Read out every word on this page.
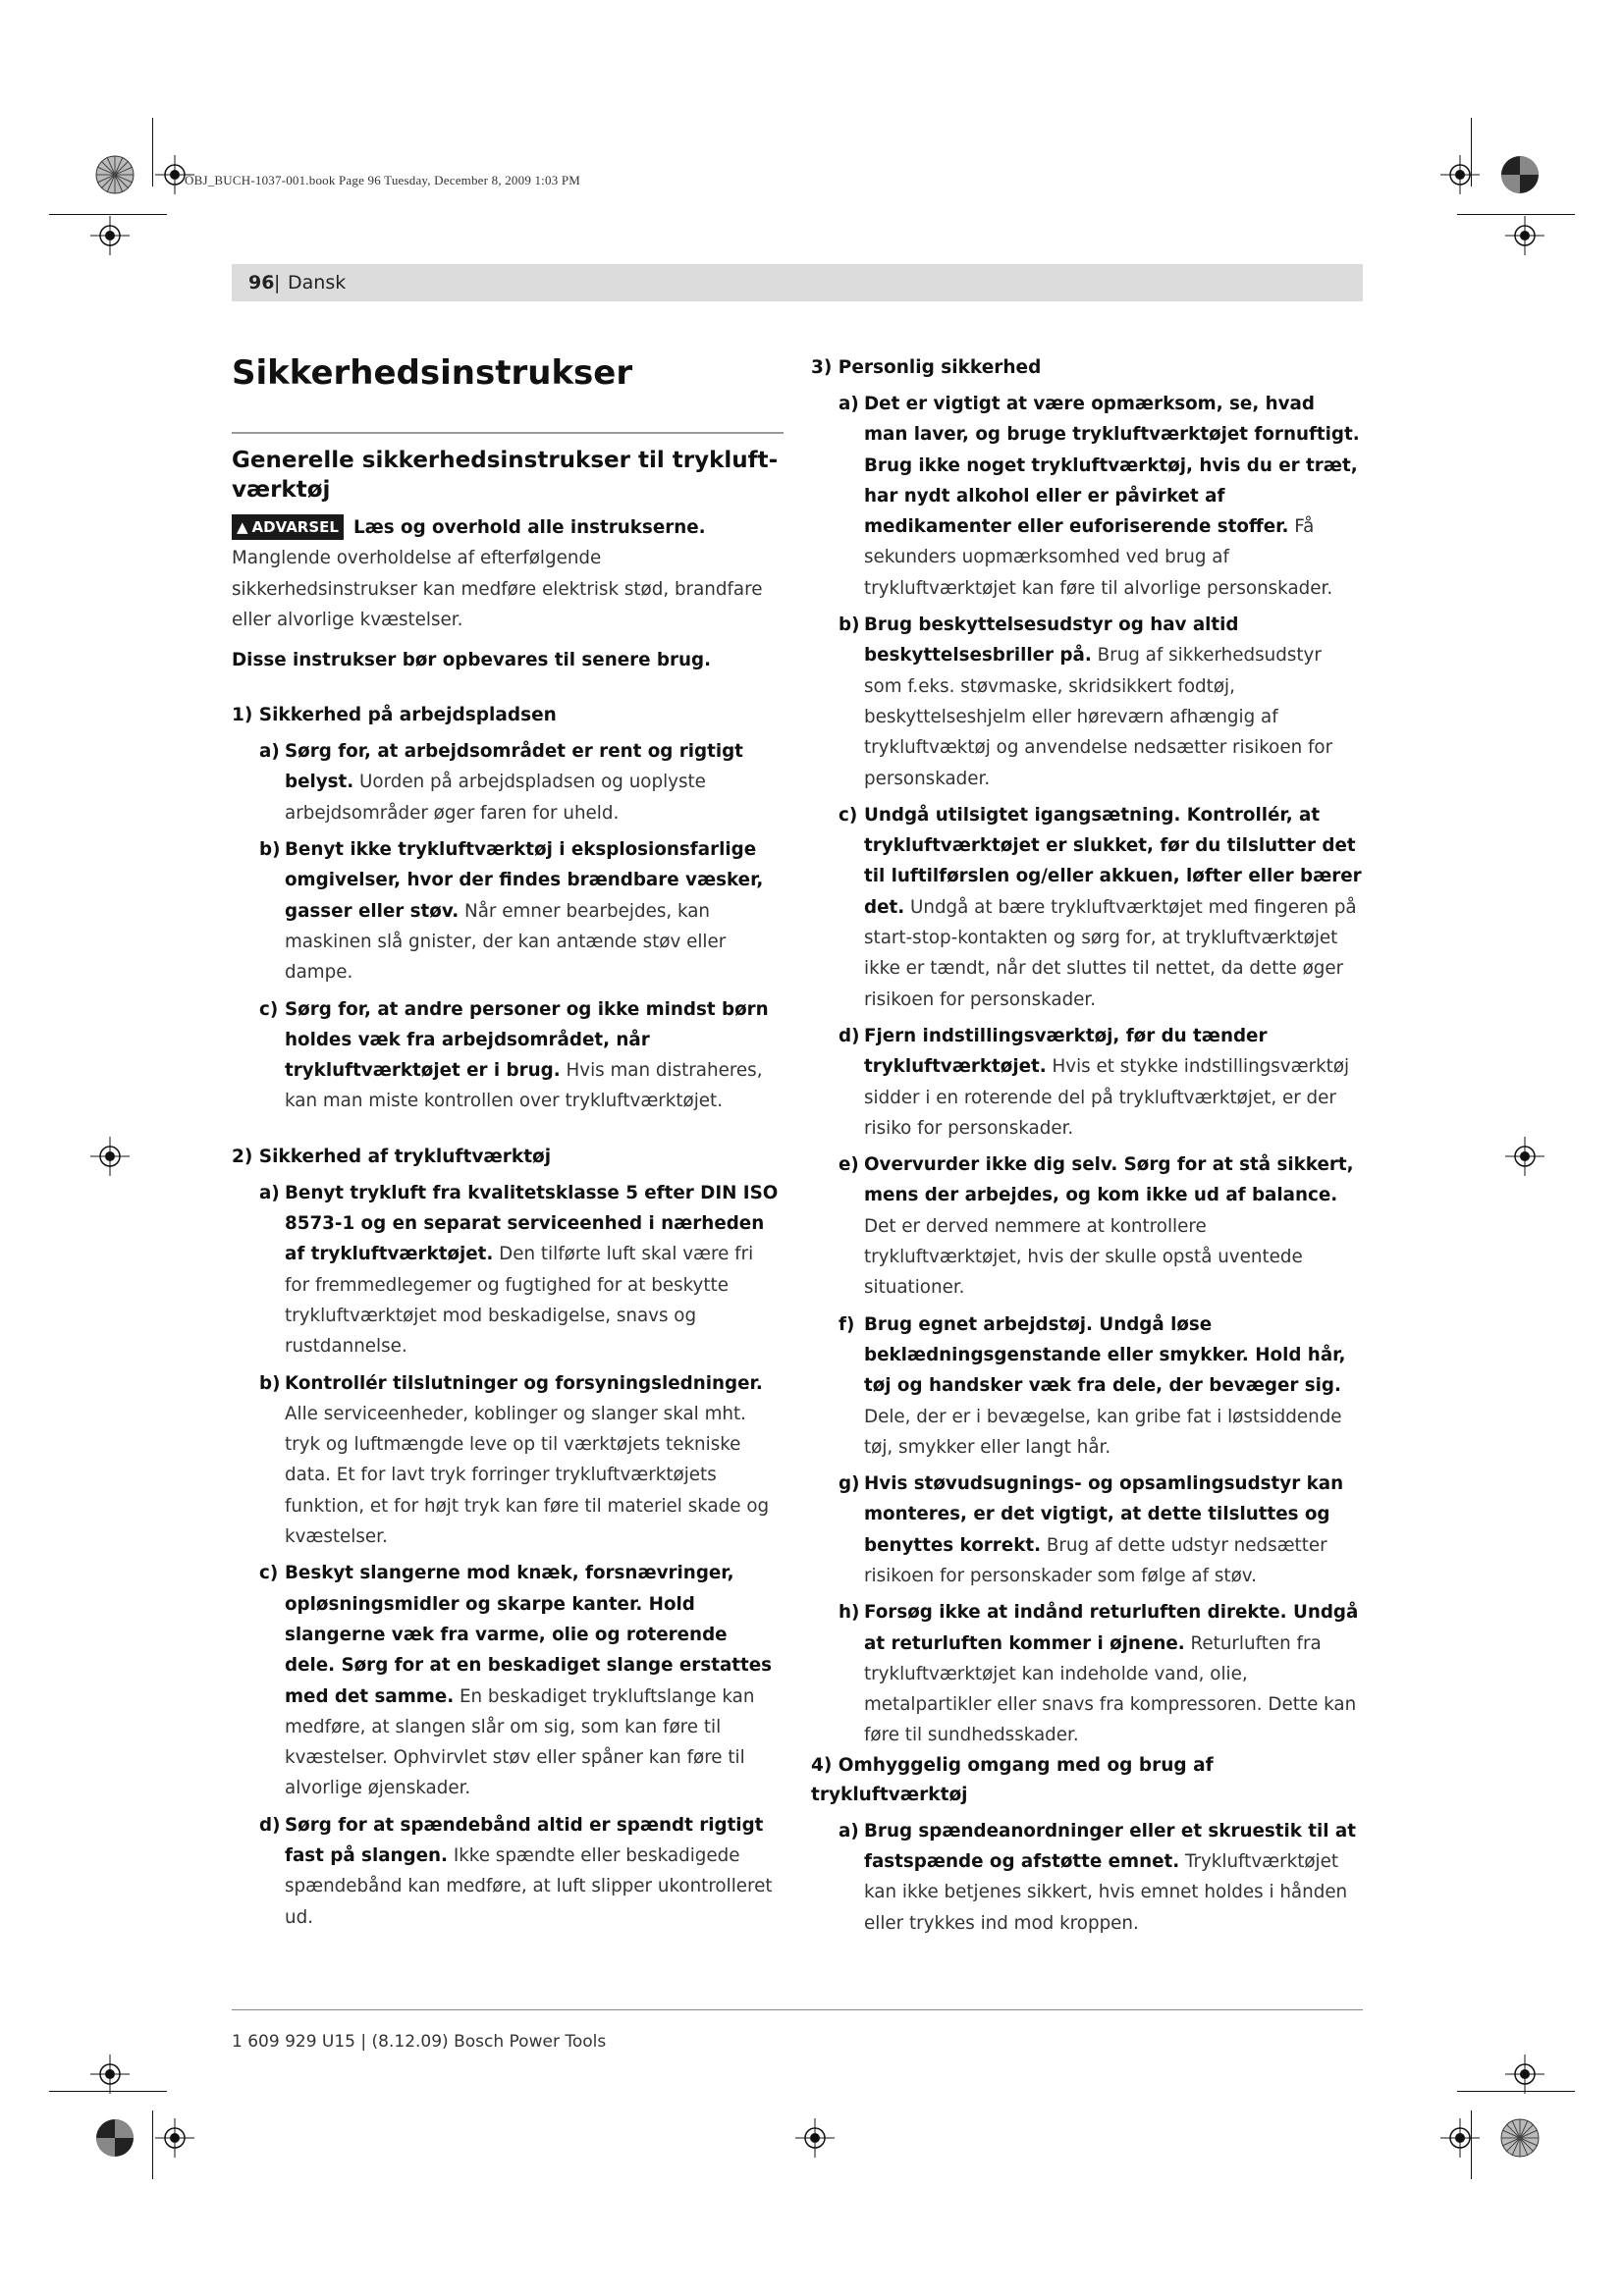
OBJ_BUCH-1037-001.book Page 96 Tuesday, December 8, 2009 1:03 PM
96 | Dansk
Sikkerhedsinstrukser
Generelle sikkerhedsinstrukser til trykluft-værktøj

▲ ADVARSEL Læs og overhold alle instrukserne. Manglende overholdelse af efterfølgende sikkerhedsinstrukser kan medføre elektrisk stød, brandfare eller alvorlige kvæstelser.

Disse instrukser bør opbevares til senere brug.

1) Sikkerhed på arbejdspladsen
a) Sørg for, at arbejdsområdet er rent og rigtigt belyst. Uorden på arbejdspladsen og uoplyste arbejdsområder øger faren for uheld.
b) Benyt ikke trykluftværktøj i eksplosionsfarlige omgivelser, hvor der findes brændbare væsker, gasser eller støv. Når emner bearbejdes, kan maskinen slå gnister, der kan antænde støv eller dampe.
c) Sørg for, at andre personer og ikke mindst børn holdes væk fra arbejdsområdet, når trykluftværktøjet er i brug. Hvis man distraheres, kan man miste kontrollen over trykluftværktøjet.
2) Sikkerhed af trykluftværktøj
a) Benyt trykluft fra kvalitetsklasse 5 efter DIN ISO 8573-1 og en separat serviceenhed i nærheden af trykluftværktøjet. Den tilførte luft skal være fri for fremmedlegemer og fugtighed for at beskytte trykluftværktøjet mod beskadigelse, snavs og rustdannelse.
b) Kontrollér tilslutninger og forsyningsledninger. Alle serviceenheder, koblinger og slanger skal mht. tryk og luftmængde leve op til værktøjets tekniske data. Et for lavt tryk forringer trykluftværktøjets funktion, et for højt tryk kan føre til materiel skade og kvæstelser.
c) Beskyt slangerne mod knæk, forsnævringer, opløsningsmidler og skarpe kanter. Hold slangerne væk fra varme, olie og roterende dele. Sørg for at en beskadiget slange erstattes med det samme. En beskadiget trykluftslange kan medføre, at slangen slår om sig, som kan føre til kvæstelser. Ophvirvlet støv eller spåner kan føre til alvorlige øjenskader.
d) Sørg for at spændebånd altid er spændt rigtigt fast på slangen. Ikke spændte eller beskadigede spændebånd kan medføre, at luft slipper ukontrolleret ud.
3) Personlig sikkerhed
a) Det er vigtigt at være opmærksom, se, hvad man laver, og bruge trykluftværktøjet fornuftigt. Brug ikke noget trykluftværktøj, hvis du er træt, har nydt alkohol eller er påvirket af medikamenter eller euforiserende stoffer. Få sekunders uopmærksomhed ved brug af trykluftværktøjet kan føre til alvorlige personskader.
b) Brug beskyttelsesudstyr og hav altid beskyttelsesbriller på. Brug af sikkerhedsudstyr som f.eks. støvmaske, skridsikkert fodtøj, beskyttelseshjelm eller høreværn afhængig af trykluftvæktøj og anvendelse nedsætter risikoen for personskader.
c) Undgå utilsigtet igangsætning. Kontrollér, at trykluftværktøjet er slukket, før du tilslutter det til luftilførslen og/eller akkuen, løfter eller bærer det. Undgå at bære trykluftværktøjet med fingeren på start-stop-kontakten og sørg for, at trykluftværktøjet ikke er tændt, når det sluttes til nettet, da dette øger risikoen for personskader.
d) Fjern indstillingsværktøj, før du tænder trykluftværktøjet. Hvis et stykke indstillingsværktøj sidder i en roterende del på trykluftværktøjet, er der risiko for personskader.
e) Overvurder ikke dig selv. Sørg for at stå sikkert, mens der arbejdes, og kom ikke ud af balance. Det er derved nemmere at kontrollere trykluftværktøjet, hvis der skulle opstå uventede situationer.
f) Brug egnet arbejdstøj. Undgå løse beklædningsgenstande eller smykker. Hold hår, tøj og handsker væk fra dele, der bevæger sig. Dele, der er i bevægelse, kan gribe fat i løstsiddende tøj, smykker eller langt hår.
g) Hvis støvudsugnings- og opsamlingsudstyr kan monteres, er det vigtigt, at dette tilsluttes og benyttes korrekt. Brug af dette udstyr nedsætter risikoen for personskader som følge af støv.
h) Forsøg ikke at indånd returluften direkte. Undgå at returluften kommer i øjnene. Returluften fra trykluftværktøjet kan indeholde vand, olie, metalpartikler eller snavs fra kompressoren. Dette kan føre til sundhedsskader.
4) Omhyggelig omgang med og brug af trykluftværktøj
a) Brug spændeanordninger eller et skruestik til at fastspænde og afstøtte emnet. Trykluftværktøjet kan ikke betjenes sikkert, hvis emnet holdes i hånden eller trykkes ind mod kroppen.
1 609 929 U15 | (8.12.09) Bosch Power Tools
